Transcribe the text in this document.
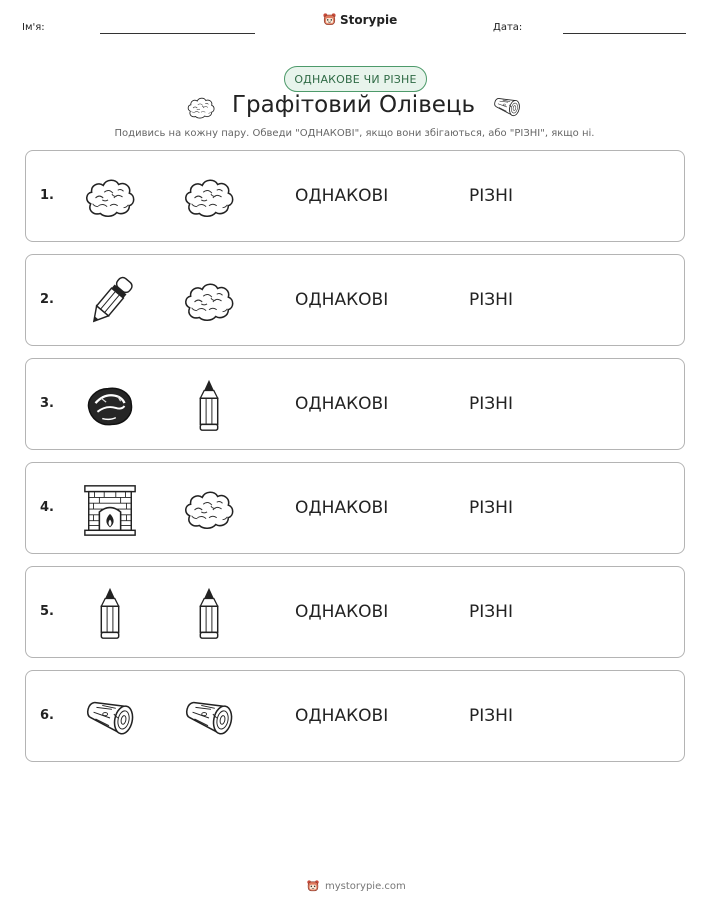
Ім'я:
Storypie
Дата:
ОДНАКОВЕ ЧИ РІЗНЕ
Графітовий Олівець
Подивись на кожну пару. Обведи "ОДНАКОВІ", якщо вони збігаються, або "РІЗНІ", якщо ні.
1.	ОДНАКОВІ	РІЗНІ
2.	ОДНАКОВІ	РІЗНІ
3.	ОДНАКОВІ	РІЗНІ
4.	ОДНАКОВІ	РІЗНІ
5.	ОДНАКОВІ	РІЗНІ
6.	ОДНАКОВІ	РІЗНІ
mystorypie.com
